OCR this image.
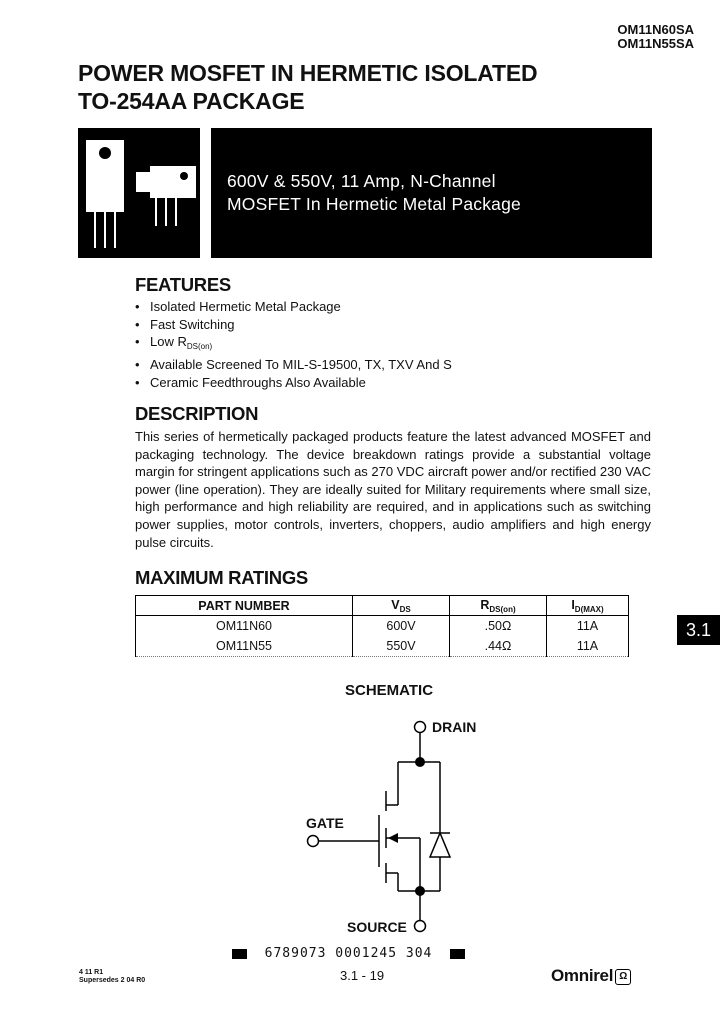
OM11N60SA
OM11N55SA
POWER MOSFET IN HERMETIC ISOLATED
TO-254AA PACKAGE
600V & 550V, 11 Amp, N-Channel
MOSFET In Hermetic Metal Package
FEATURES
• Isolated Hermetic Metal Package
• Fast Switching
• Low $R_{DS(on)}$
• Available Screened To MIL-S-19500, TX, TXV And S
• Ceramic Feedthroughs Also Available
DESCRIPTION
This series of hermetically packaged products feature the latest advanced MOSFET and packaging technology. The device breakdown ratings provide a substantial voltage margin for stringent applications such as 270 VDC aircraft power and/or rectified 230 VAC power (line operation). They are ideally suited for Military requirements where small size, high performance and high reliability are required, and in applications such as switching power supplies, motor controls, inverters, choppers, audio amplifiers and high energy pulse circuits.
MAXIMUM RATINGS
PART NUMBER	$V_{DS}$	$R_{DS(on)}$	$I_{D(MAX)}$
OM11N60	600V	.50Ω	11A
OM11N55	550V	.44Ω	11A
3.1
SCHEMATIC
DRAIN
GATE
SOURCE
6789073 0001245 304
4 11 R1
Supersedes 2 04 R0	3.1 - 19	Omnirel Ω
